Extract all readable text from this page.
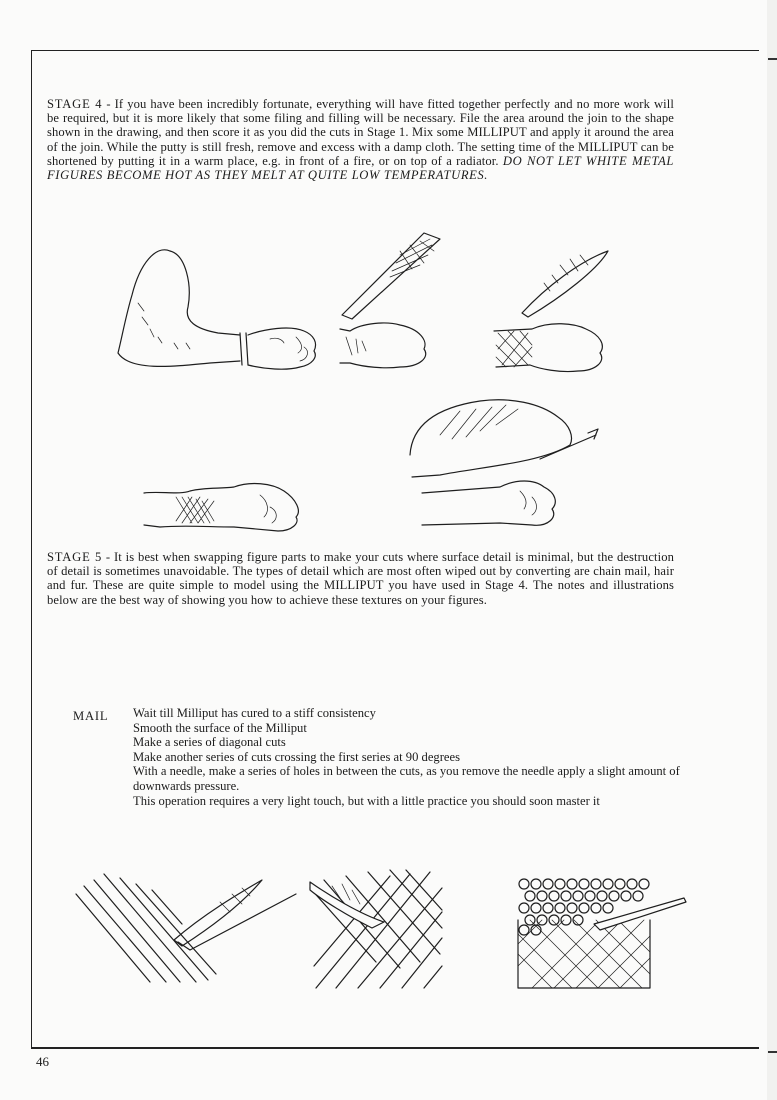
STAGE 4 - If you have been incredibly fortunate, everything will have fitted together perfectly and no more work will be required, but it is more likely that some filing and filling will be necessary. File the area around the join to the shape shown in the drawing, and then score it as you did the cuts in Stage 1. Mix some MILLIPUT and apply it around the area of the join. While the putty is still fresh, remove and excess with a damp cloth. The setting time of the MILLIPUT can be shortened by putting it in a warm place, e.g. in front of a fire, or on top of a radiator. DO NOT LET WHITE METAL FIGURES BECOME HOT AS THEY MELT AT QUITE LOW TEMPERATURES.

STAGE 5 - It is best when swapping figure parts to make your cuts where surface detail is minimal, but the destruction of detail is sometimes unavoidable. The types of detail which are most often wiped out by converting are chain mail, hair and fur. These are quite simple to model using the MILLIPUT you have used in Stage 4. The notes and illustrations below are the best way of showing you how to achieve these textures on your figures.

MAIL Wait till Milliput has cured to a stiff consistency
Smooth the surface of the Milliput
Make a series of diagonal cuts
Make another series of cuts crossing the first series at 90 degrees
With a needle, make a series of holes in between the cuts, as you remove the needle apply a slight amount of downwards pressure.
This operation requires a very light touch, but with a little practice you should soon master it
46
